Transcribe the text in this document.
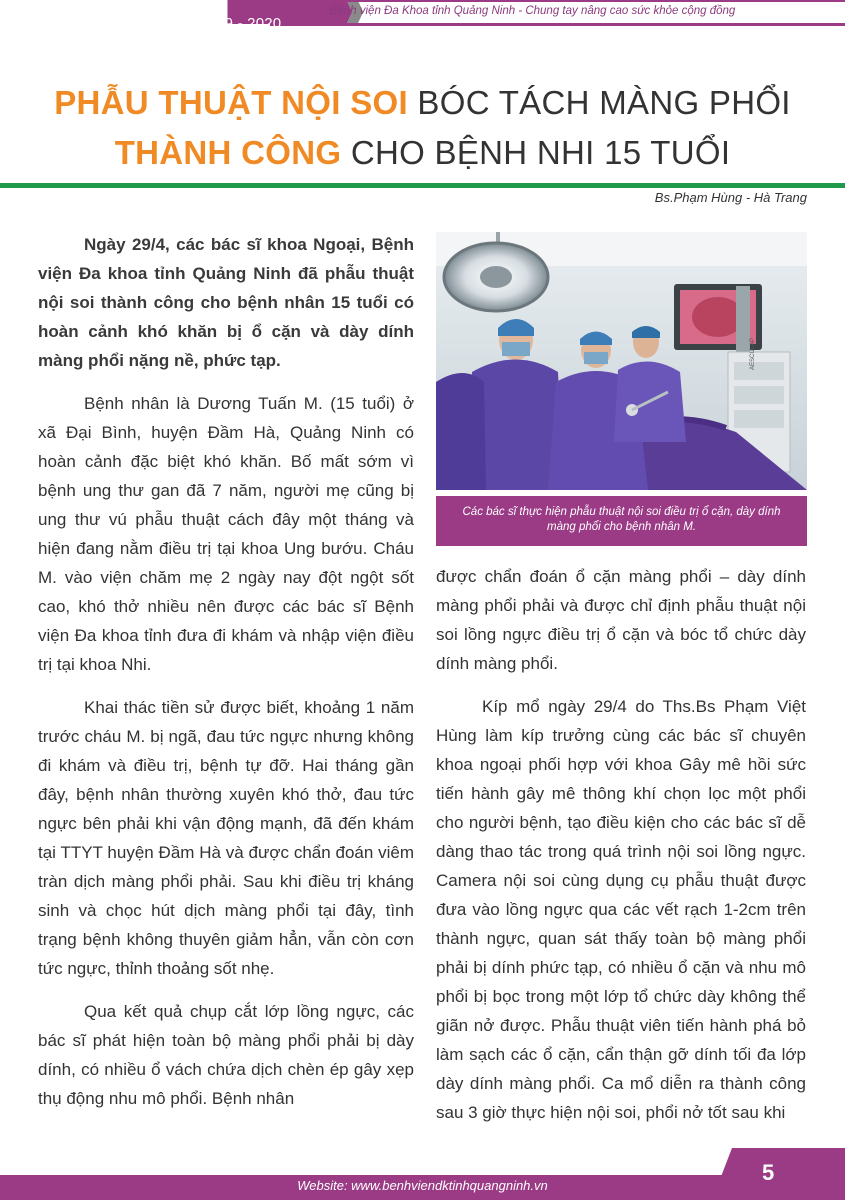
BẢN TIN BỆNH VIỆN - SỐ 05/29 - 2020
Bệnh viện Đa Khoa tỉnh Quảng Ninh - Chung tay nâng cao sức khỏe cộng đồng
PHẪU THUẬT NỘI SOI BÓC TÁCH MÀNG PHỔI
THÀNH CÔNG CHO BỆNH NHI 15 TUỔI
Bs.Phạm Hùng - Hà Trang

Ngày 29/4, các bác sĩ khoa Ngoại, Bệnh viện Đa khoa tỉnh Quảng Ninh đã phẫu thuật nội soi thành công cho bệnh nhân 15 tuổi có hoàn cảnh khó khăn bị ổ cặn và dày dính màng phổi nặng nề, phức tạp.

Bệnh nhân là Dương Tuấn M. (15 tuổi) ở xã Đại Bình, huyện Đầm Hà, Quảng Ninh có hoàn cảnh đặc biệt khó khăn. Bố mất sớm vì bệnh ung thư gan đã 7 năm, người mẹ cũng bị ung thư vú phẫu thuật cách đây một tháng và hiện đang nằm điều trị tại khoa Ung bướu. Cháu M. vào viện chăm mẹ 2 ngày nay đột ngột sốt cao, khó thở nhiều nên được các bác sĩ Bệnh viện Đa khoa tỉnh đưa đi khám và nhập viện điều trị tại khoa Nhi.

Khai thác tiền sử được biết, khoảng 1 năm trước cháu M. bị ngã, đau tức ngực nhưng không đi khám và điều trị, bệnh tự đỡ. Hai tháng gần đây, bệnh nhân thường xuyên khó thở, đau tức ngực bên phải khi vận động mạnh, đã đến khám tại TTYT huyện Đầm Hà và được chẩn đoán viêm tràn dịch màng phổi phải. Sau khi điều trị kháng sinh và chọc hút dịch màng phổi tại đây, tình trạng bệnh không thuyên giảm hẳn, vẫn còn cơn tức ngực, thỉnh thoảng sốt nhẹ.

Qua kết quả chụp cắt lớp lồng ngực, các bác sĩ phát hiện toàn bộ màng phổi phải bị dày dính, có nhiều ổ vách chứa dịch chèn ép gây xẹp thụ động nhu mô phổi. Bệnh nhân

AESCULAP
Các bác sĩ thực hiện phẫu thuật nội soi điều trị ổ cặn, dày dính màng phổi cho bệnh nhân M.

được chẩn đoán ổ cặn màng phổi – dày dính màng phổi phải và được chỉ định phẫu thuật nội soi lồng ngực điều trị ổ cặn và bóc tổ chức dày dính màng phổi.

Kíp mổ ngày 29/4 do Ths.Bs Phạm Việt Hùng làm kíp trưởng cùng các bác sĩ chuyên khoa ngoại phối hợp với khoa Gây mê hồi sức tiến hành gây mê thông khí chọn lọc một phổi cho người bệnh, tạo điều kiện cho các bác sĩ dễ dàng thao tác trong quá trình nội soi lồng ngực. Camera nội soi cùng dụng cụ phẫu thuật được đưa vào lồng ngực qua các vết rạch 1-2cm trên thành ngực, quan sát thấy toàn bộ màng phổi phải bị dính phức tạp, có nhiều ổ cặn và nhu mô phổi bị bọc trong một lớp tổ chức dày không thể giãn nở được. Phẫu thuật viên tiến hành phá bỏ làm sạch các ổ cặn, cẩn thận gỡ dính tối đa lớp dày dính màng phổi. Ca mổ diễn ra thành công sau 3 giờ thực hiện nội soi, phổi nở tốt sau khi

Website: www.benhviendktinhquangninh.vn
5
